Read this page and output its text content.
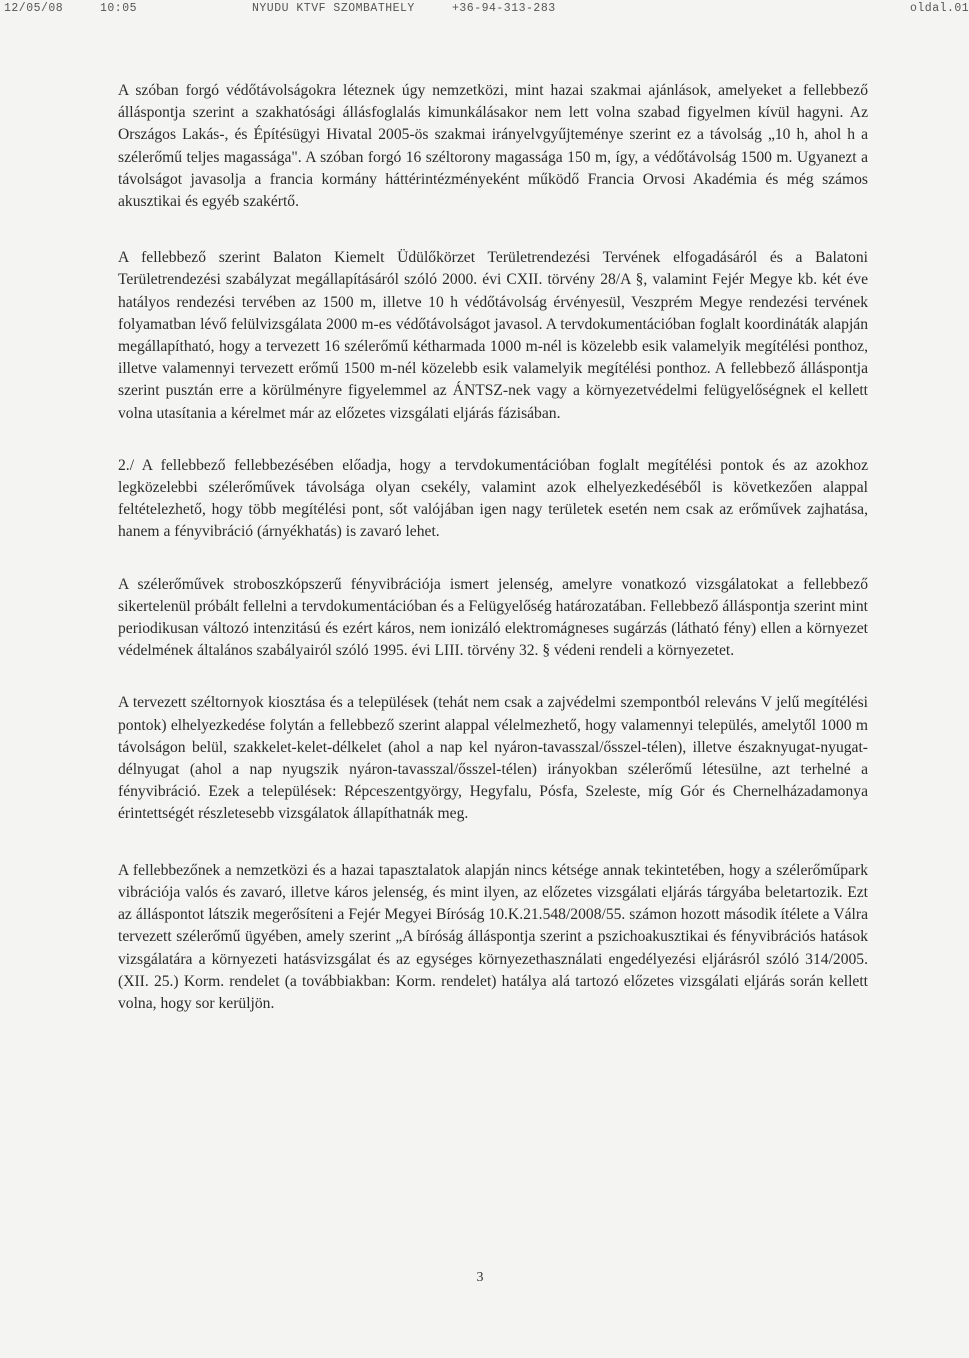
12/05/08	10:05	NYUDU KTVF SZOMBATHELY	+36-94-313-283	oldal.01

A szóban forgó védőtávolságokra léteznek úgy nemzetközi, mint hazai szakmai ajánlások, amelyeket a fellebbező álláspontja szerint a szakhatósági állásfoglalás kimunkálásakor nem lett volna szabad figyelmen kívül hagyni. Az Országos Lakás-, és Építésügyi Hivatal 2005-ös szakmai irányelvgyűjteménye szerint ez a távolság „10 h, ahol h a szélerőmű teljes magassága". A szóban forgó 16 széltorony magassága 150 m, így, a védőtávolság 1500 m. Ugyanezt a távolságot javasolja a francia kormány háttérintézményeként működő Francia Orvosi Akadémia és még számos akusztikai és egyéb szakértő.

A fellebbező szerint Balaton Kiemelt Üdülőkörzet Területrendezési Tervének elfogadásáról és a Balatoni Területrendezési szabályzat megállapításáról szóló 2000. évi CXII. törvény 28/A §, valamint Fejér Megye kb. két éve hatályos rendezési tervében az 1500 m, illetve 10 h védőtávolság érvényesül, Veszprém Megye rendezési tervének folyamatban lévő felülvizsgálata 2000 m-es védőtávolságot javasol. A tervdokumentációban foglalt koordináták alapján megállapítható, hogy a tervezett 16 szélerőmű kétharmada 1000 m-nél is közelebb esik valamelyik megítélési ponthoz, illetve valamennyi tervezett erőmű 1500 m-nél közelebb esik valamelyik megítélési ponthoz. A fellebbező álláspontja szerint pusztán erre a körülményre figyelemmel az ÁNTSZ-nek vagy a környezetvédelmi felügyelőségnek el kellett volna utasítania a kérelmet már az előzetes vizsgálati eljárás fázisában.

2./ A fellebbező fellebbezésében előadja, hogy a tervdokumentációban foglalt megítélési pontok és az azokhoz legközelebbi szélerőművek távolsága olyan csekély, valamint azok elhelyezkedéséből is következően alappal feltételezhető, hogy több megítélési pont, sőt valójában igen nagy területek esetén nem csak az erőművek zajhatása, hanem a fényvibráció (árnyékhatás) is zavaró lehet.

A szélerőművek stroboszkópszerű fényvibrációja ismert jelenség, amelyre vonatkozó vizsgálatokat a fellebbező sikertelenül próbált fellelni a tervdokumentációban és a Felügyelőség határozatában. Fellebbező álláspontja szerint mint periodikusan változó intenzitású és ezért káros, nem ionizáló elektromágneses sugárzás (látható fény) ellen a környezet védelmének általános szabályairól szóló 1995. évi LIII. törvény 32. § védeni rendeli a környezetet.

A tervezett széltornyok kiosztása és a települések (tehát nem csak a zajvédelmi szempontból releváns V jelű megítélési pontok) elhelyezkedése folytán a fellebbező szerint alappal vélelmezhető, hogy valamennyi település, amelytől 1000 m távolságon belül, szakkelet-kelet-délkelet (ahol a nap kel nyáron-tavasszal/ősszel-télen), illetve északnyugat-nyugat-délnyugat (ahol a nap nyugszik nyáron-tavasszal/ősszel-télen) irányokban szélerőmű létesülne, azt terhelné a fényvibráció. Ezek a települések: Répceszentgyörgy, Hegyfalu, Pósfa, Szeleste, míg Gór és Chernelházadamonya érintettségét részletesebb vizsgálatok állapíthatnák meg.

A fellebbezőnek a nemzetközi és a hazai tapasztalatok alapján nincs kétsége annak tekintetében, hogy a szélerőműpark vibrációja valós és zavaró, illetve káros jelenség, és mint ilyen, az előzetes vizsgálati eljárás tárgyába beletartozik. Ezt az álláspontot látszik megerősíteni a Fejér Megyei Bíróság 10.K.21.548/2008/55. számon hozott második ítélete a Válra tervezett szélerőmű ügyében, amely szerint „A bíróság álláspontja szerint a pszichoakusztikai és fényvibrációs hatások vizsgálatára a környezeti hatásvizsgálat és az egységes környezethasználati engedélyezési eljárásról szóló 314/2005. (XII. 25.) Korm. rendelet (a továbbiakban: Korm. rendelet) hatálya alá tartozó előzetes vizsgálati eljárás során kellett volna, hogy sor kerüljön.

3
